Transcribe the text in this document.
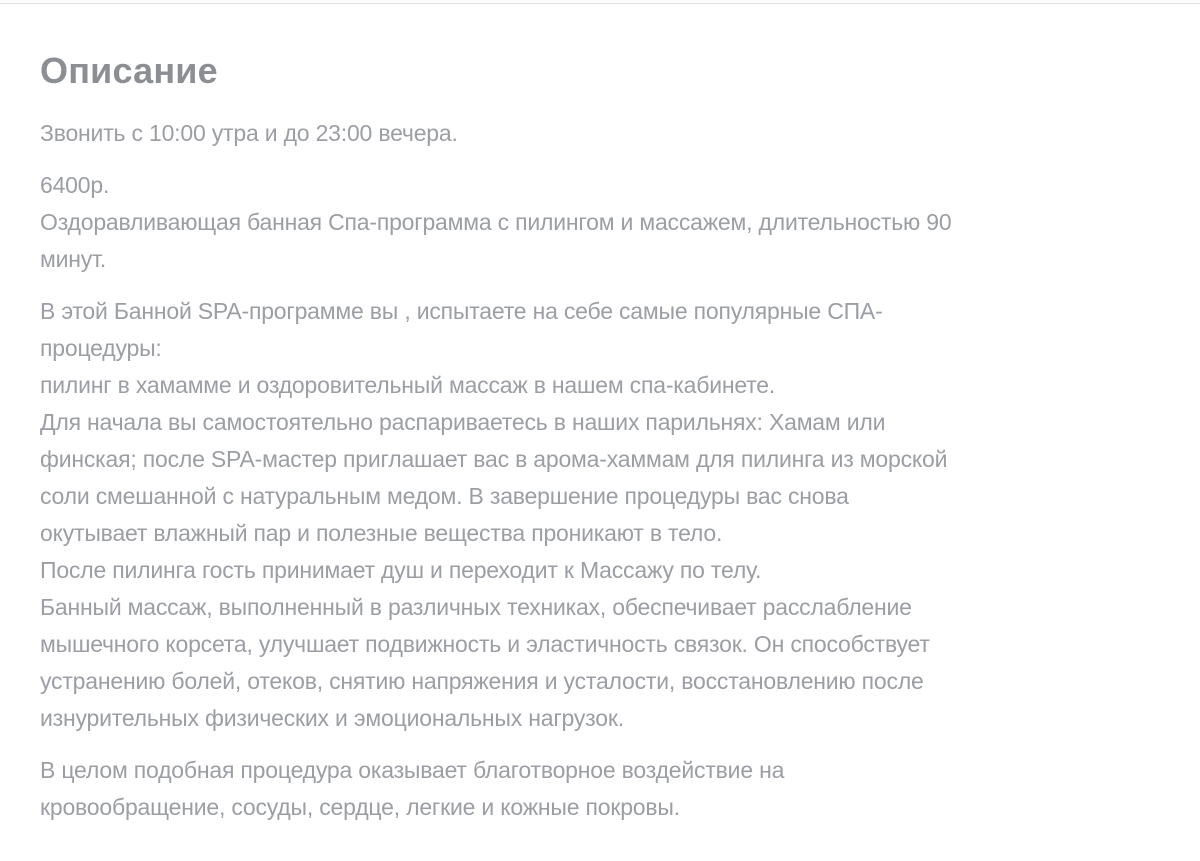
Описание

Звонить с 10:00 утра и до 23:00 вечера.

6400р.
Оздоравливающая банная Спа-программа с пилингом и массажем, длительностью 90 минут.

В этой Банной SPA-программе вы , испытаете на себе самые популярные СПА-процедуры:
пилинг в хамамме и оздоровительный массаж в нашем спа-кабинете.
Для начала вы самостоятельно распариваетесь в наших парильнях: Хамам или финская; после SPA-мастер приглашает вас в арома-хаммам для пилинга из морской соли смешанной с натуральным медом. В завершение процедуры вас снова окутывает влажный пар и полезные вещества проникают в тело.
После пилинга гость принимает душ и переходит к Массажу по телу.
Банный массаж, выполненный в различных техниках, обеспечивает расслабление мышечного корсета, улучшает подвижность и эластичность связок. Он способствует устранению болей, отеков, снятию напряжения и усталости, восстановлению после изнурительных физических и эмоциональных нагрузок.

В целом подобная процедура оказывает благотворное воздействие на кровообращение, сосуды, сердце, легкие и кожные покровы.
